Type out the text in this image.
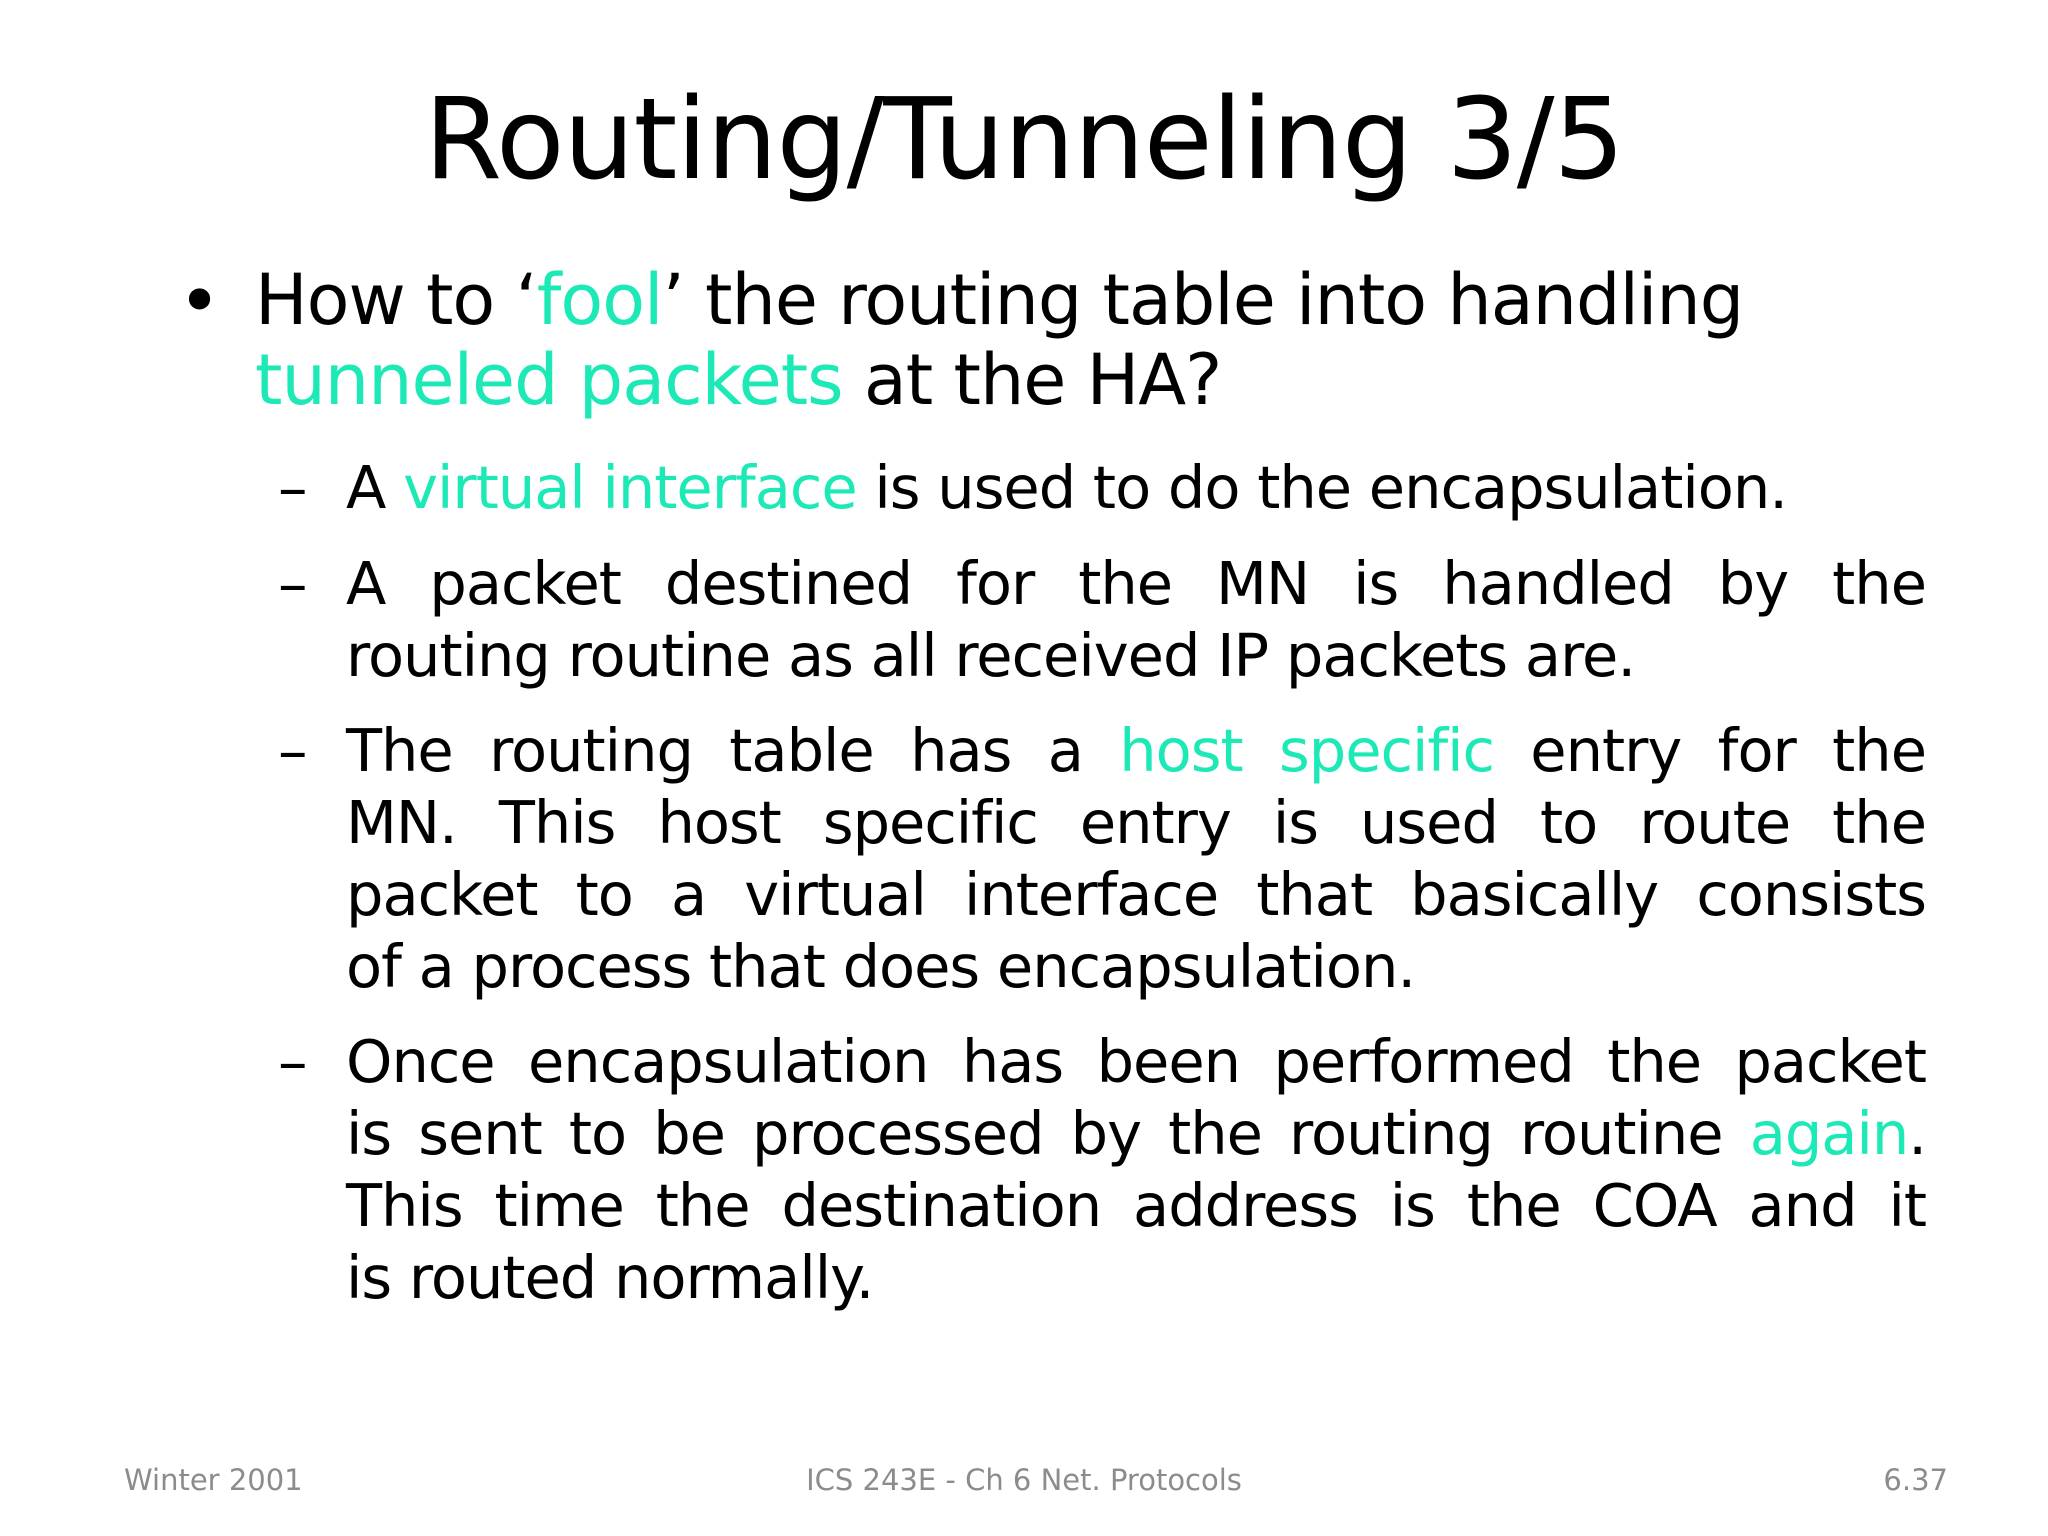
Routing/Tunneling 3/5
• How to ‘fool’ the routing table into handling
tunneled packets at the HA?
– A virtual interface is used to do the encapsulation.
– A packet destined for the MN is handled by the
routing routine as all received IP packets are.
– The routing table has a host specific entry for the
MN. This host specific entry is used to route the
packet to a virtual interface that basically consists
of a process that does encapsulation.
– Once encapsulation has been performed the packet
is sent to be processed by the routing routine again.
This time the destination address is the COA and it
is routed normally.
Winter 2001	ICS 243E - Ch 6 Net. Protocols	6.37
